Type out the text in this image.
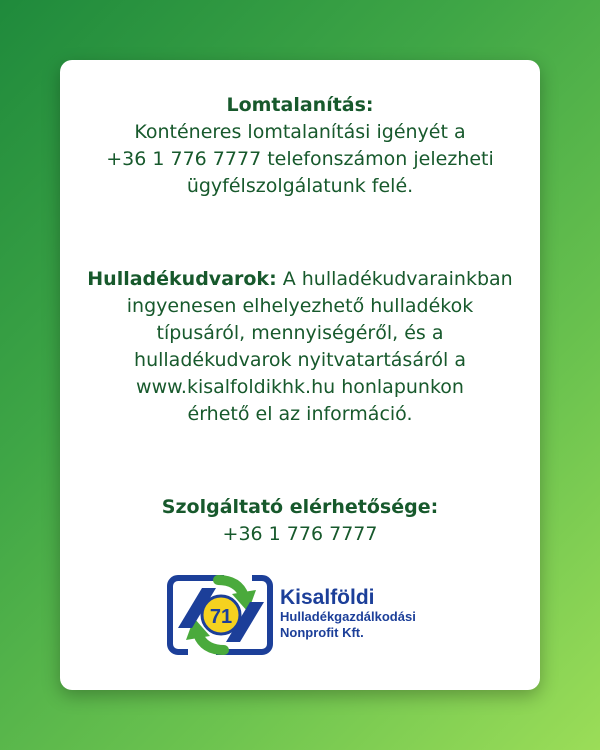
Lomtalanítás:
Konténeres lomtalanítási igényét a
+36 1 776 7777 telefonszámon jelezheti
ügyfélszolgálatunk felé.
Hulladékudvarok: A hulladékudvarainkban
ingyenesen elhelyezhető hulladékok
típusáról, mennyiségéről, és a
hulladékudvarok nyitvatartásáról a
www.kisalfoldikhk.hu honlapunkon
érhető el az információ.
Szolgáltató elérhetősége:
+36 1 776 7777
71
Kisalföldi
Hulladékgazdálkodási
Nonprofit Kft.
